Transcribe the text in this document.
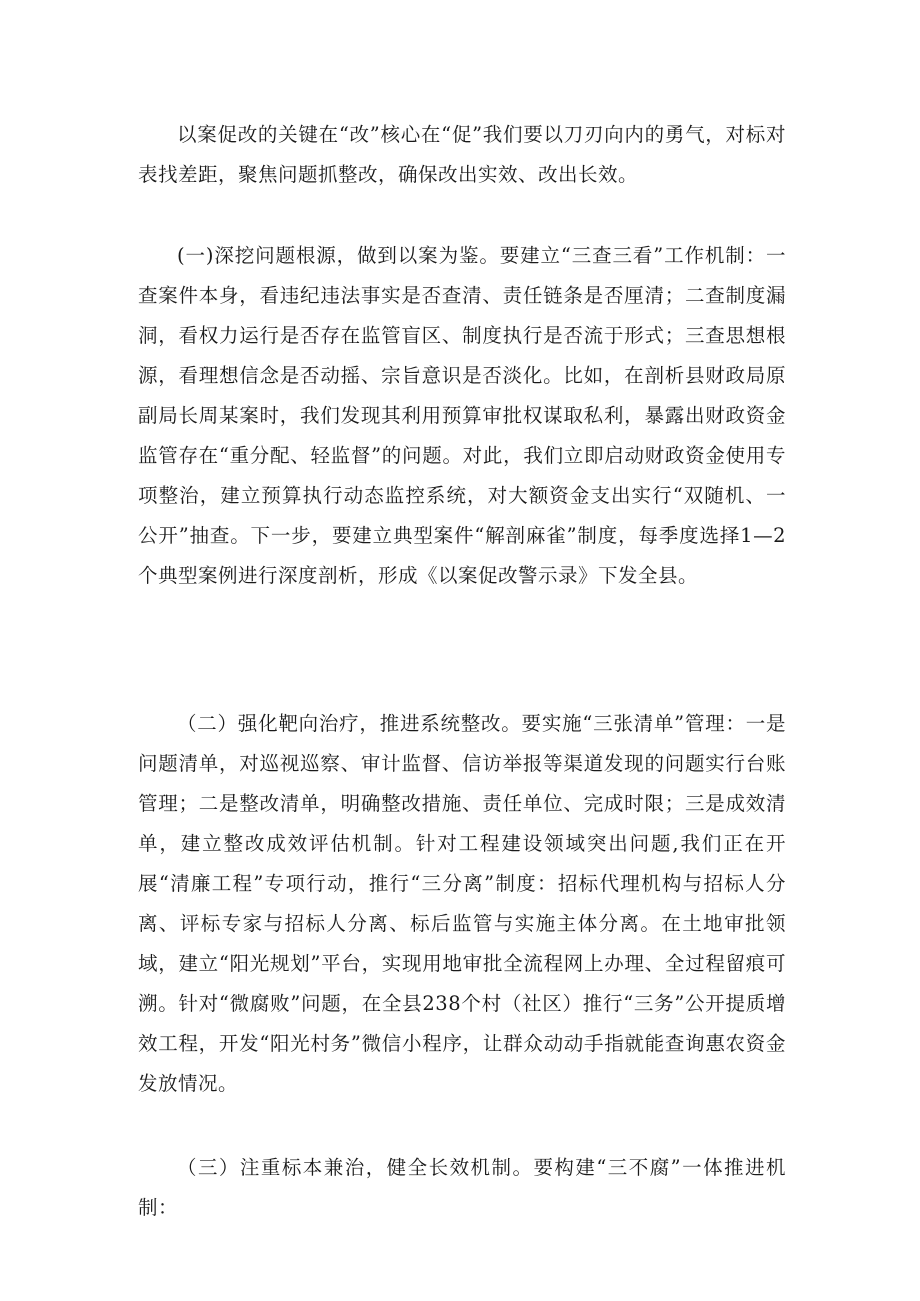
以案促改的关键在“改”核心在“促”我们要以刀刃向内的勇气，对标对表找差距，聚焦问题抓整改，确保改出实效、改出长效。

(一)深挖问题根源，做到以案为鉴。要建立“三查三看”工作机制：一查案件本身，看违纪违法事实是否查清、责任链条是否厘清；二查制度漏洞，看权力运行是否存在监管盲区、制度执行是否流于形式；三查思想根源，看理想信念是否动摇、宗旨意识是否淡化。比如，在剖析县财政局原副局长周某案时，我们发现其利用预算审批权谋取私利，暴露出财政资金监管存在“重分配、轻监督”的问题。对此，我们立即启动财政资金使用专项整治，建立预算执行动态监控系统，对大额资金支出实行“双随机、一公开”抽查。下一步，要建立典型案件“解剖麻雀”制度，每季度选择1—2个典型案例进行深度剖析，形成《以案促改警示录》下发全县。

（二）强化靶向治疗，推进系统整改。要实施“三张清单”管理：一是问题清单，对巡视巡察、审计监督、信访举报等渠道发现的问题实行台账管理；二是整改清单，明确整改措施、责任单位、完成时限；三是成效清单，建立整改成效评估机制。针对工程建设领域突出问题,我们正在开展“清廉工程”专项行动，推行“三分离”制度：招标代理机构与招标人分离、评标专家与招标人分离、标后监管与实施主体分离。在土地审批领域，建立“阳光规划”平台，实现用地审批全流程网上办理、全过程留痕可溯。针对“微腐败”问题，在全县238个村（社区）推行“三务”公开提质增效工程，开发“阳光村务”微信小程序，让群众动动手指就能查询惠农资金发放情况。

（三）注重标本兼治，健全长效机制。要构建“三不腐”一体推进机制：
